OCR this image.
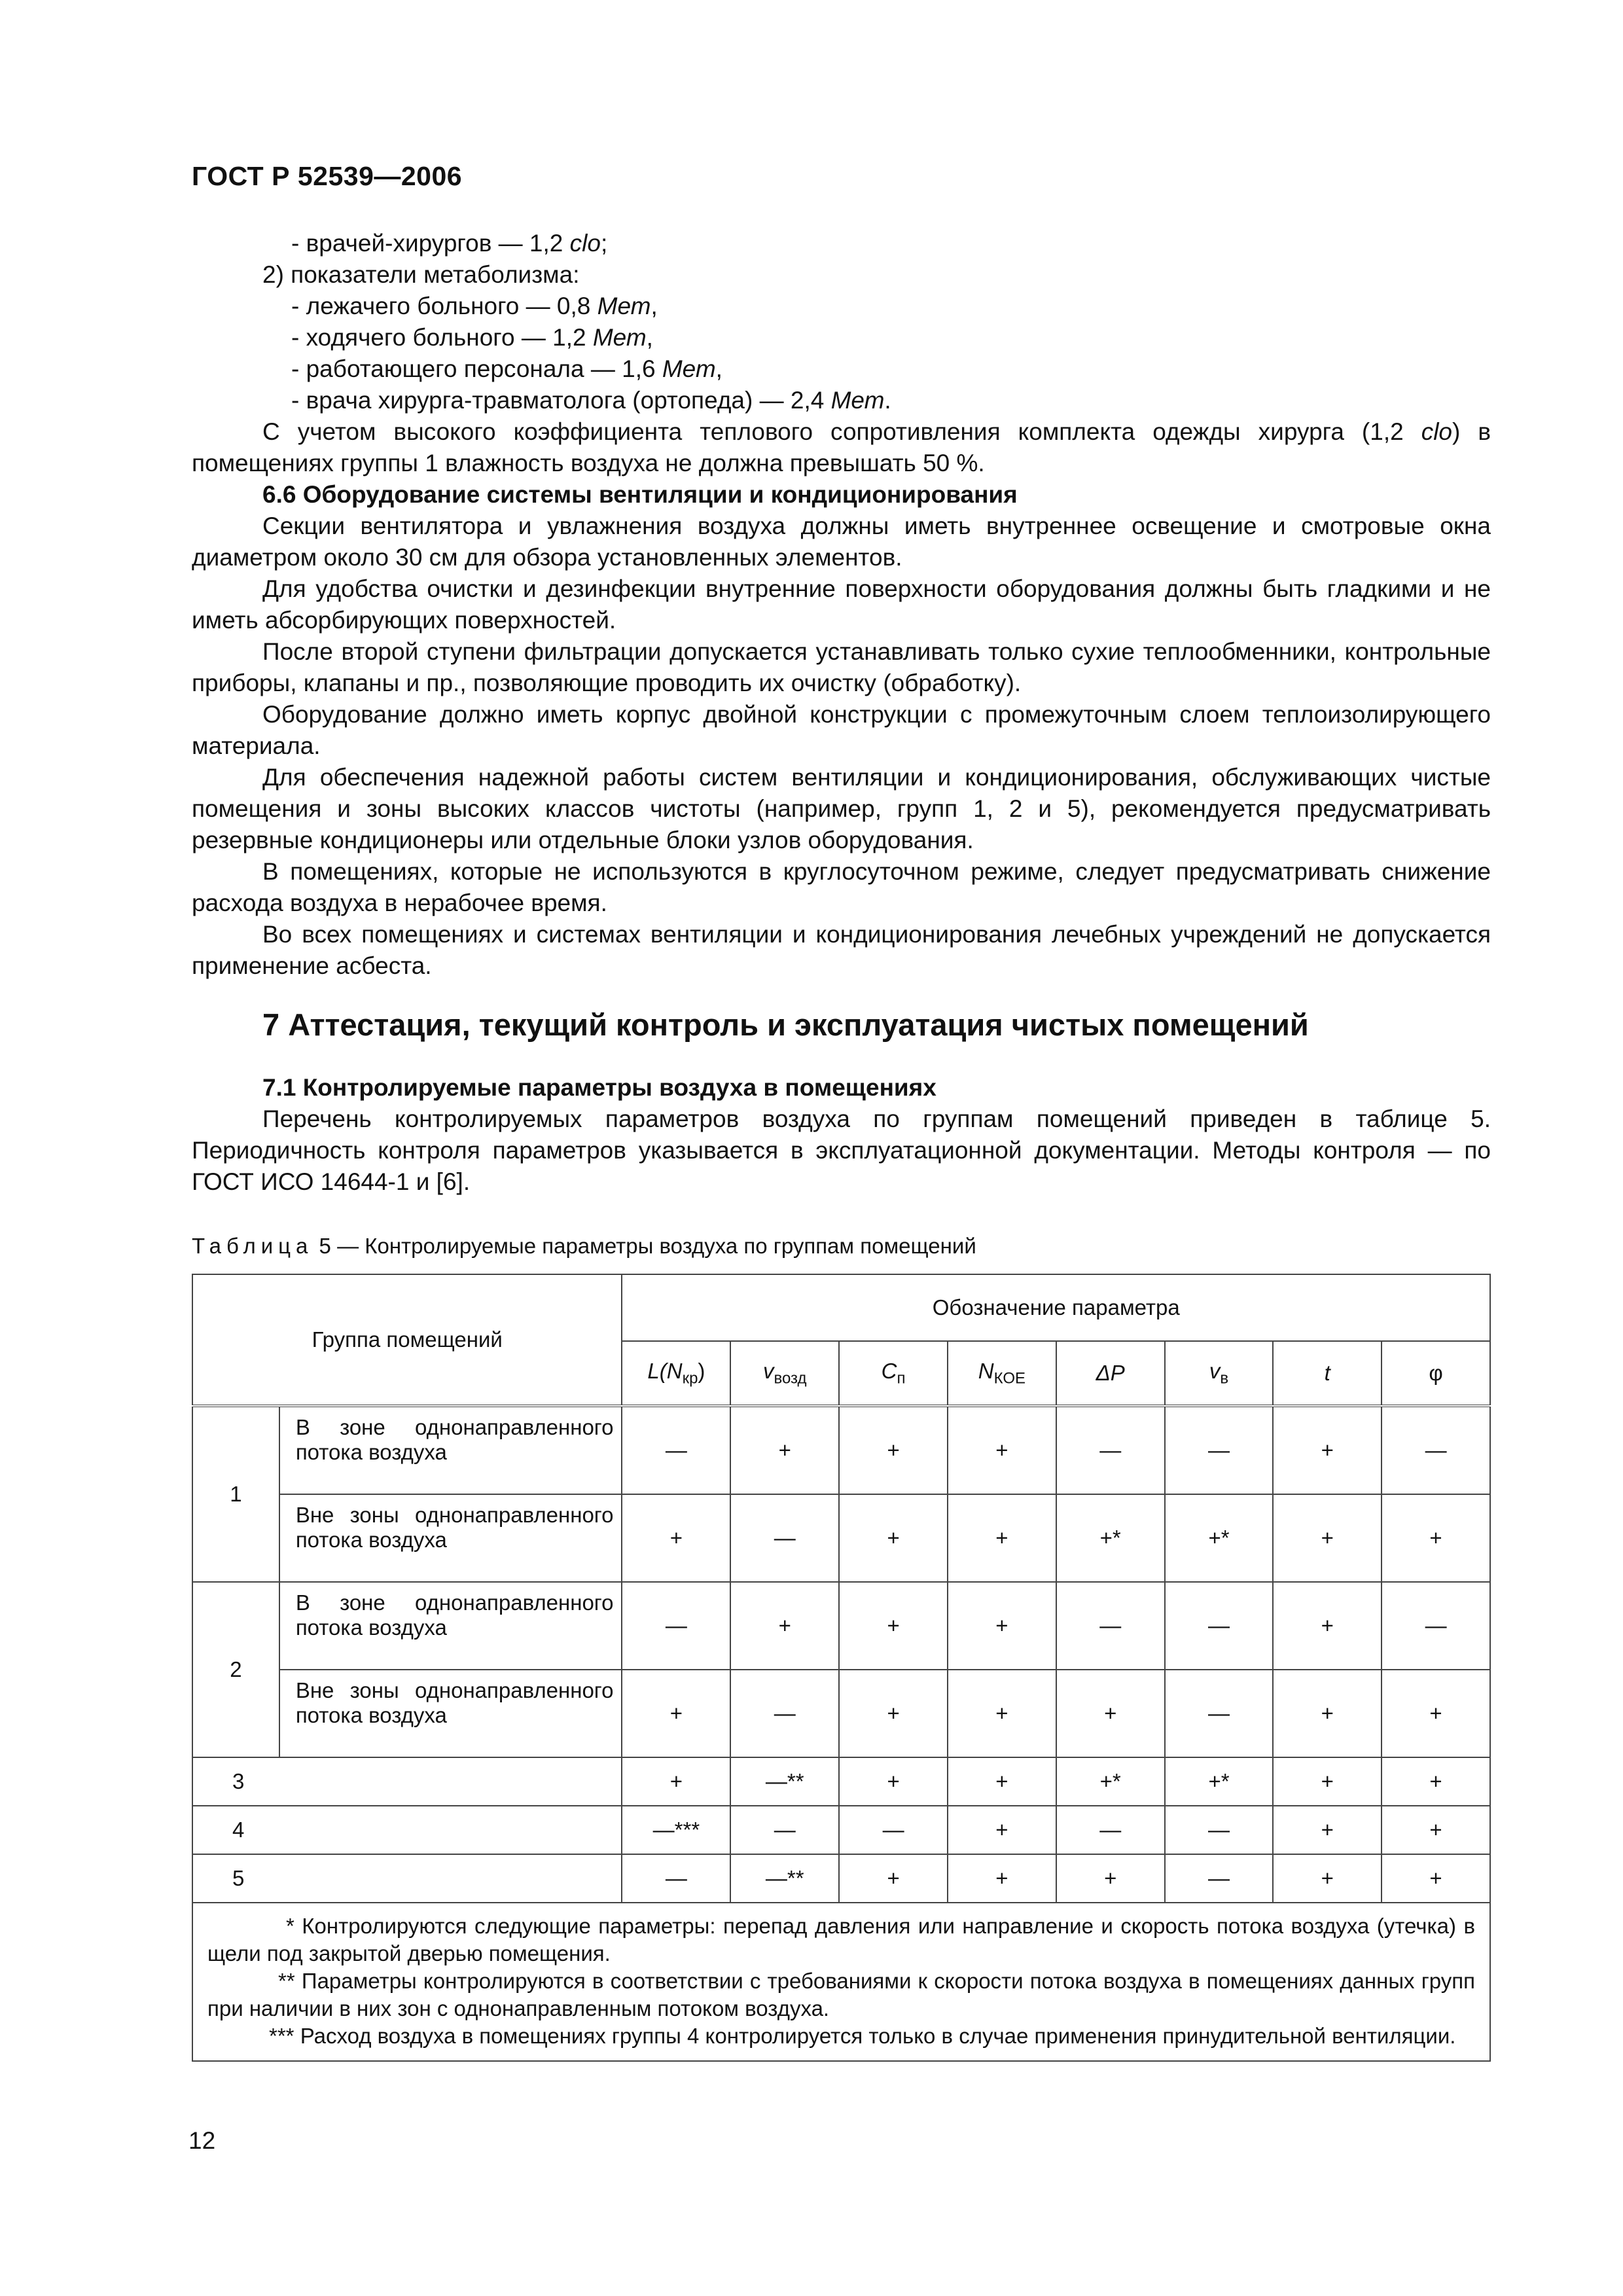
ГОСТ Р 52539—2006

- врачей-хирургов — 1,2 clo;

2) показатели метаболизма:

- лежачего больного — 0,8 Мет,

- ходячего больного — 1,2 Мет,

- работающего персонала — 1,6 Мет,

- врача хирурга-травматолога (ортопеда) — 2,4 Мет.

С учетом высокого коэффициента теплового сопротивления комплекта одежды хирурга (1,2 clo) в помещениях группы 1 влажность воздуха не должна превышать 50 %.

6.6 Оборудование системы вентиляции и кондиционирования

Секции вентилятора и увлажнения воздуха должны иметь внутреннее освещение и смотровые окна диаметром около 30 см для обзора установленных элементов.

Для удобства очистки и дезинфекции внутренние поверхности оборудования должны быть гладкими и не иметь абсорбирующих поверхностей.

После второй ступени фильтрации допускается устанавливать только сухие теплообменники, контрольные приборы, клапаны и пр., позволяющие проводить их очистку (обработку).

Оборудование должно иметь корпус двойной конструкции с промежуточным слоем теплоизолирующего материала.

Для обеспечения надежной работы систем вентиляции и кондиционирования, обслуживающих чистые помещения и зоны высоких классов чистоты (например, групп 1, 2 и 5), рекомендуется предусматривать резервные кондиционеры или отдельные блоки узлов оборудования.

В помещениях, которые не используются в круглосуточном режиме, следует предусматривать снижение расхода воздуха в нерабочее время.

Во всех помещениях и системах вентиляции и кондиционирования лечебных учреждений не допускается применение асбеста.

7 Аттестация, текущий контроль и эксплуатация чистых помещений

7.1 Контролируемые параметры воздуха в помещениях

Перечень контролируемых параметров воздуха по группам помещений приведен в таблице 5. Периодичность контроля параметров указывается в эксплуатационной документации. Методы контроля — по ГОСТ ИСО 14644-1 и [6].

Таблица 5 — Контролируемые параметры воздуха по группам помещений
Группа помещений		Обозначение параметра							
		$L(N_{кр})$	$v_{возд}$	$C_п$	$N_{КОЕ}$	ΔP	$v_в$	t	φ
1	В зоне однонаправленного потока воздуха	—	+	+	+	—	—	+	—
	Вне зоны однонаправленного потока воздуха	+	—	+	+	+*	+*	+	+
2	В зоне однонаправленного потока воздуха	—	+	+	+	—	—	+	—
	Вне зоны однонаправленного потока воздуха	+	—	+	+	+	—	+	+
3		+	—**	+	+	+*	+*	+	+
4		—***	—	—	+	—	—	+	+
5		—	—**	+	+	+	—	+	+

* Контролируются следующие параметры: перепад давления или направление и скорость потока воздуха (утечка) в щели под закрытой дверью помещения.

** Параметры контролируются в соответствии с требованиями к скорости потока воздуха в помещениях данных групп при наличии в них зон с однонаправленным потоком воздуха.

*** Расход воздуха в помещениях группы 4 контролируется только в случае применения принудительной вентиляции.									

12
